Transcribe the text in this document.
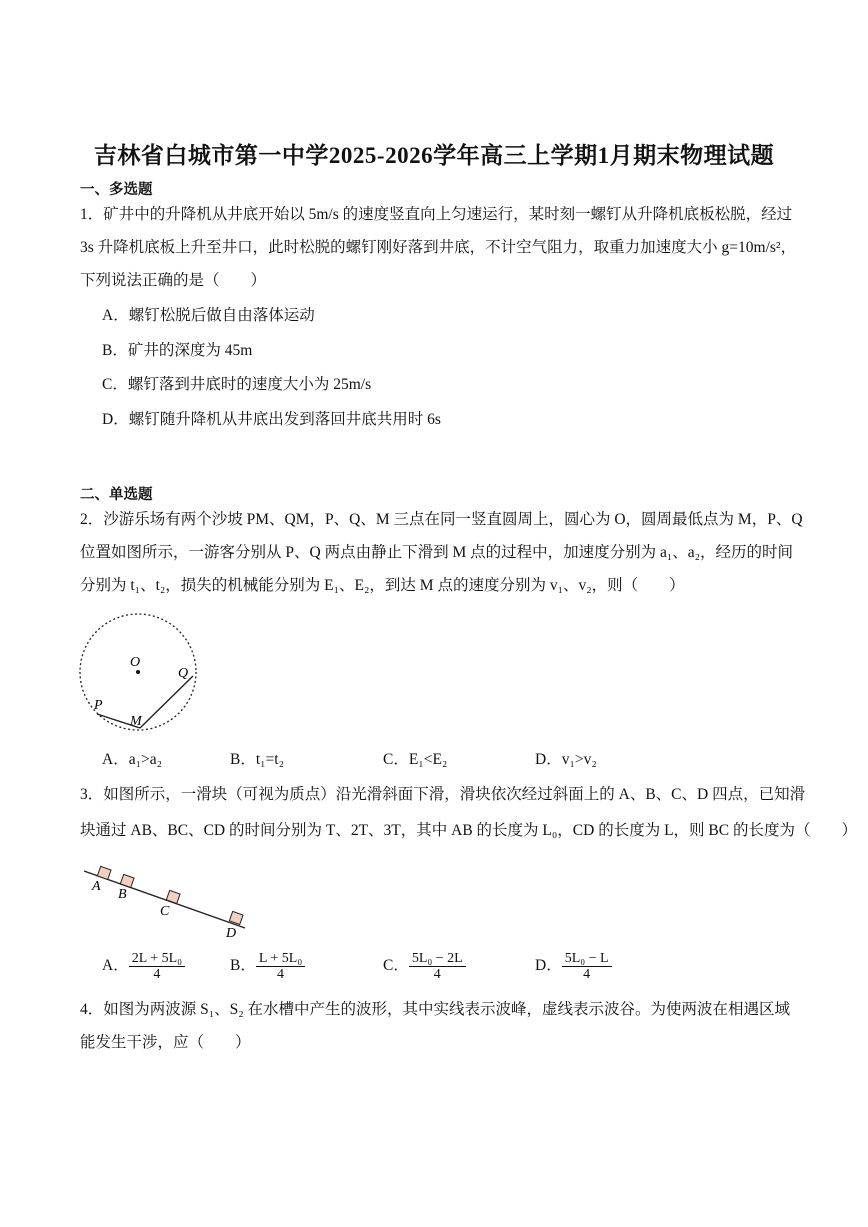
吉林省白城市第一中学2025-2026学年高三上学期1月期末物理试题
一、多选题
1．矿井中的升降机从井底开始以 5m/s 的速度竖直向上匀速运行，某时刻一螺钉从升降机底板松脱，经过
3s 升降机底板上升至井口，此时松脱的螺钉刚好落到井底，不计空气阻力，取重力加速度大小 g=10m/s²，
下列说法正确的是（　　）
A．螺钉松脱后做自由落体运动
B．矿井的深度为 45m
C．螺钉落到井底时的速度大小为 25m/s
D．螺钉随升降机从井底出发到落回井底共用时 6s
二、单选题
2．沙游乐场有两个沙坡 PM、QM，P、Q、M 三点在同一竖直圆周上，圆心为 O，圆周最低点为 M，P、Q
位置如图所示，一游客分别从 P、Q 两点由静止下滑到 M 点的过程中，加速度分别为 a₁、a₂，经历的时间
分别为 t₁、t₂，损失的机械能分别为 E₁、E₂，到达 M 点的速度分别为 v₁、v₂，则（　　）
O
Q
P
M
A．a₁>a₂	B．t₁=t₂	C．E₁<E₂	D．v₁>v₂
3．如图所示，一滑块（可视为质点）沿光滑斜面下滑，滑块依次经过斜面上的 A、B、C、D 四点，已知滑
块通过 AB、BC、CD 的时间分别为 T、2T、3T，其中 AB 的长度为 L₀，CD 的长度为 L，则 BC 的长度为（　　）
A
B
C
D
A． $\frac{\text{2L + 5L₀}}{4}$	B． $\frac{\text{L + 5L₀}}{4}$	C． $\frac{\text{5L₀ − 2L}}{4}$	D． $\frac{\text{5L₀ − L}}{4}$
4．如图为两波源 S₁、S₂ 在水槽中产生的波形，其中实线表示波峰，虚线表示波谷。为使两波在相遇区域
能发生干涉，应（　　）
